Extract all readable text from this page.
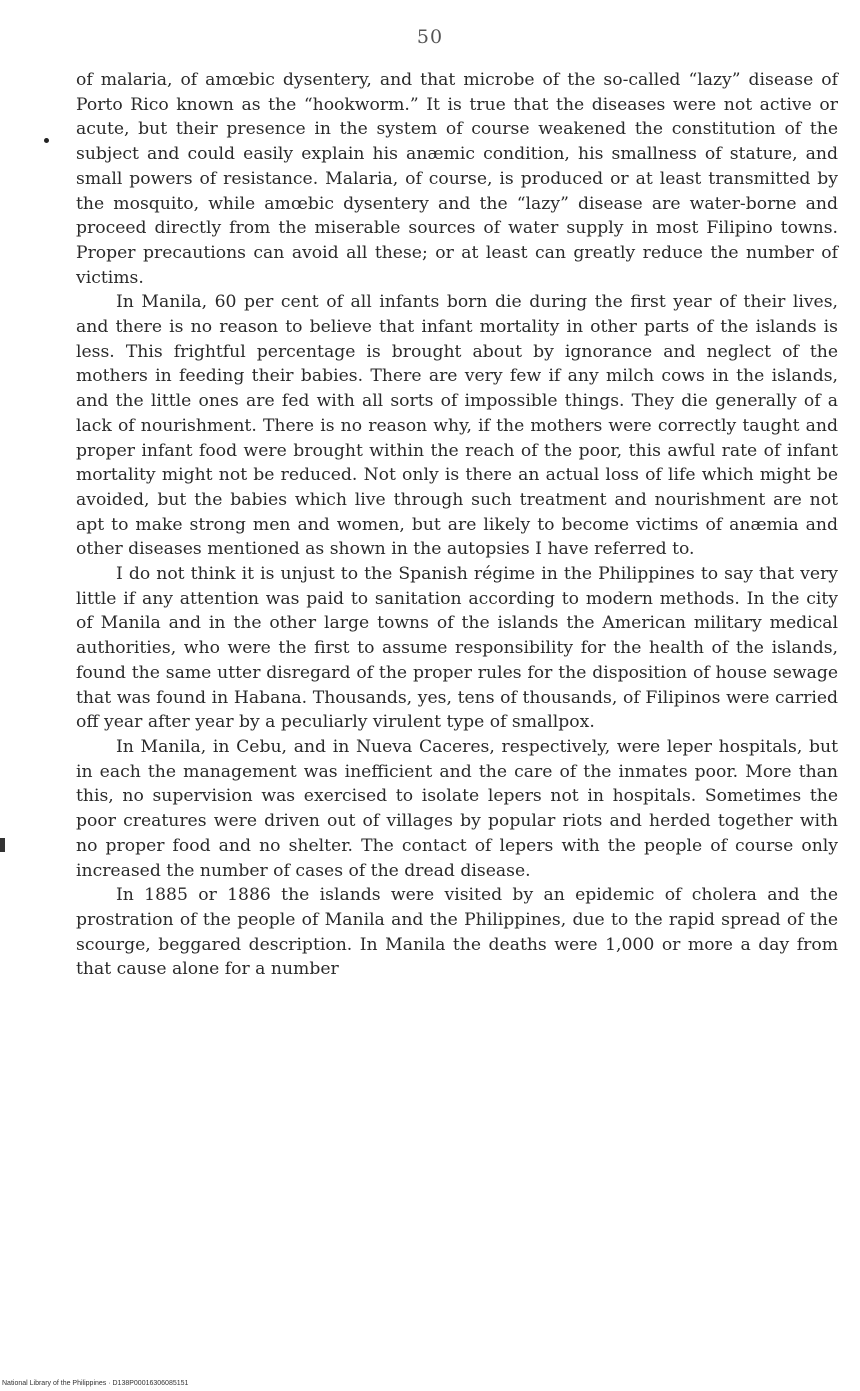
50

of malaria, of amœbic dysentery, and that microbe of the so-called “lazy” disease of Porto Rico known as the “hookworm.” It is true that the diseases were not active or acute, but their presence in the system of course weakened the constitution of the subject and could easily explain his anæmic condition, his smallness of stature, and small powers of resistance. Malaria, of course, is produced or at least transmitted by the mosquito, while amœbic dysentery and the “lazy” disease are water-borne and proceed directly from the miserable sources of water supply in most Filipino towns. Proper precautions can avoid all these; or at least can greatly reduce the number of victims.

In Manila, 60 per cent of all infants born die during the first year of their lives, and there is no reason to believe that infant mortality in other parts of the islands is less. This frightful percentage is brought about by ignorance and neglect of the mothers in feeding their babies. There are very few if any milch cows in the islands, and the little ones are fed with all sorts of impossible things. They die generally of a lack of nourishment. There is no reason why, if the mothers were correctly taught and proper infant food were brought within the reach of the poor, this awful rate of infant mortality might not be reduced. Not only is there an actual loss of life which might be avoided, but the babies which live through such treatment and nourishment are not apt to make strong men and women, but are likely to become victims of anæmia and other diseases mentioned as shown in the autopsies I have referred to.

I do not think it is unjust to the Spanish régime in the Philippines to say that very little if any attention was paid to sanitation according to modern methods. In the city of Manila and in the other large towns of the islands the American military medical authorities, who were the first to assume responsibility for the health of the islands, found the same utter disregard of the proper rules for the disposition of house sewage that was found in Habana. Thousands, yes, tens of thousands, of Filipinos were carried off year after year by a peculiarly virulent type of smallpox.

In Manila, in Cebu, and in Nueva Caceres, respectively, were leper hospitals, but in each the management was inefficient and the care of the inmates poor. More than this, no supervision was exercised to isolate lepers not in hospitals. Sometimes the poor creatures were driven out of villages by popular riots and herded together with no proper food and no shelter. The contact of lepers with the people of course only increased the number of cases of the dread disease.

In 1885 or 1886 the islands were visited by an epidemic of cholera and the prostration of the people of Manila and the Philippines, due to the rapid spread of the scourge, beggared description. In Manila the deaths were 1,000 or more a day from that cause alone for a number

National Library of the Philippines · D138P00016306085151
